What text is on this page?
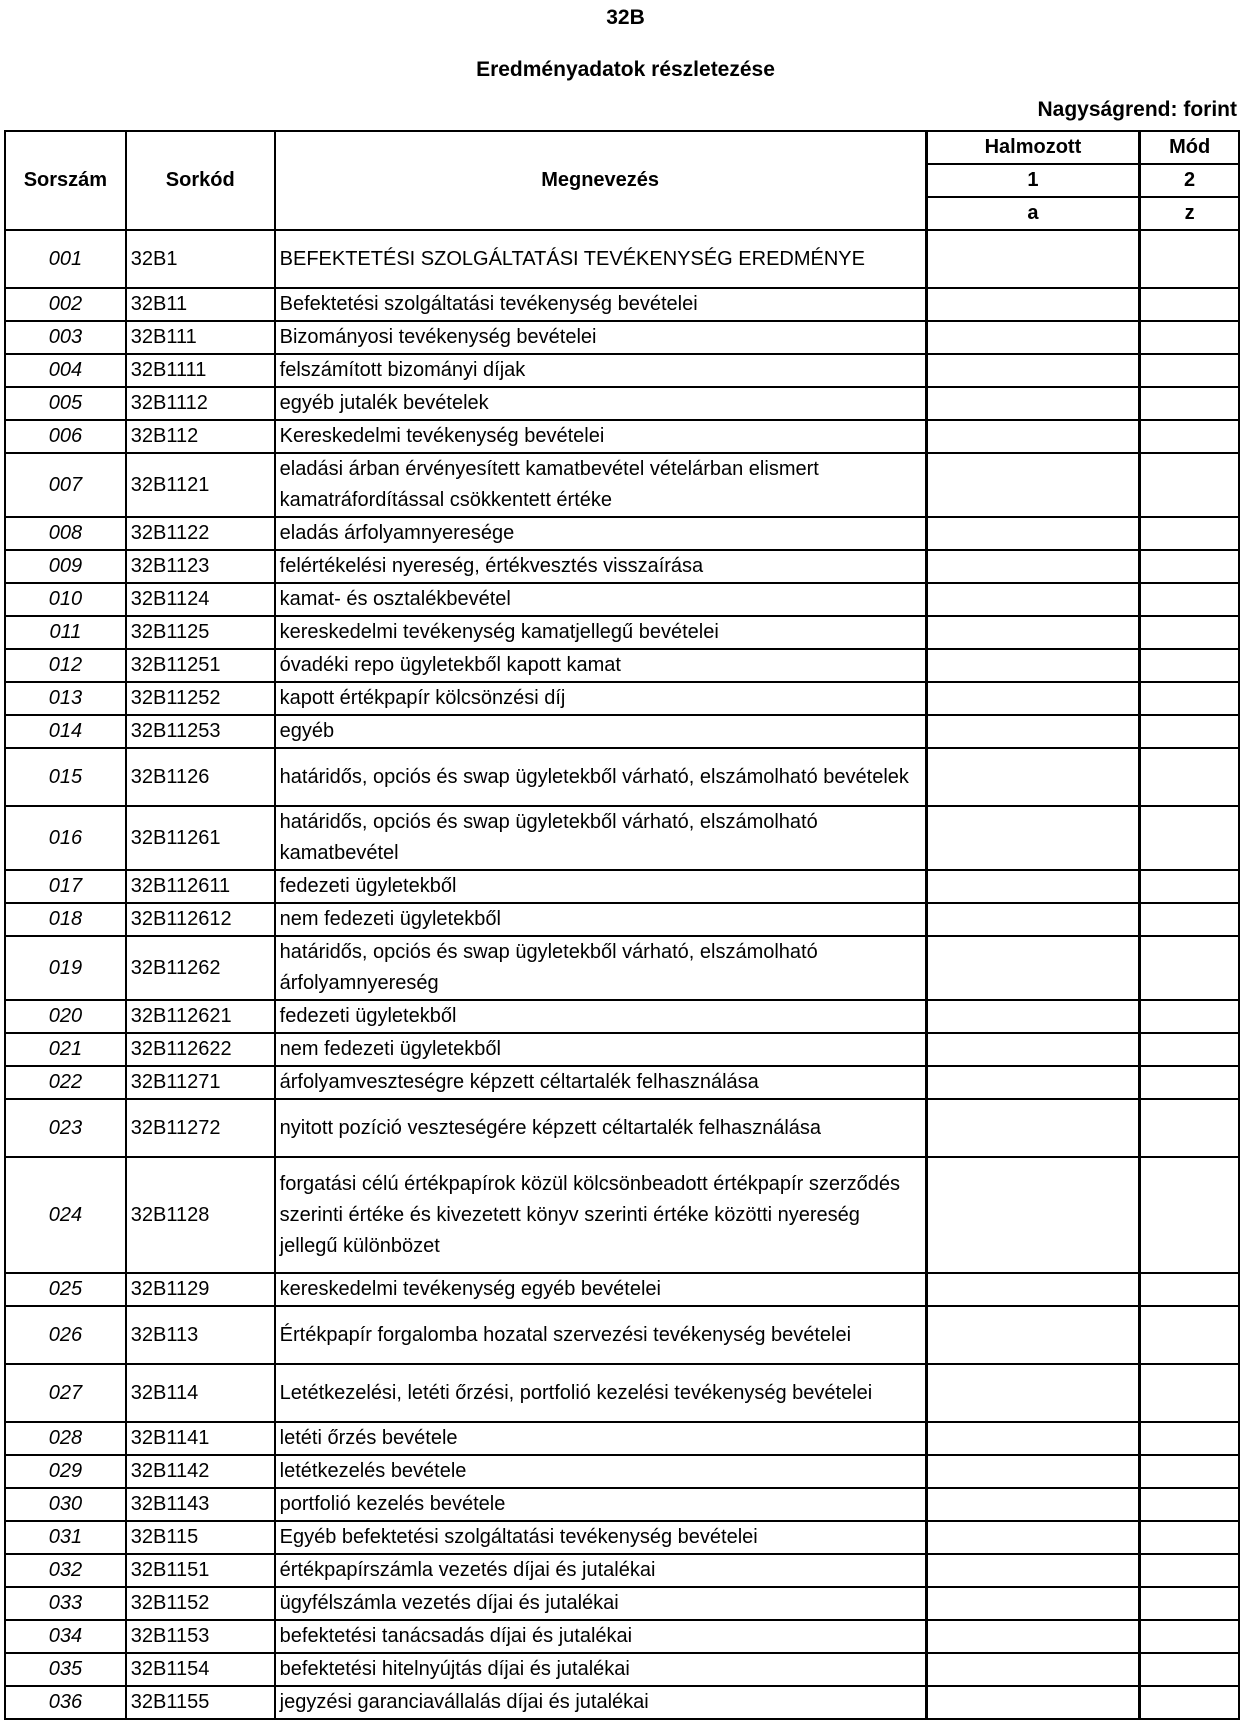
32B
Eredményadatok részletezése
Nagyságrend: forint
Sorszám	Sorkód	Megnevezés	Halmozott	Mód
			1	2
			a	z
001	32B1	BEFEKTETÉSI SZOLGÁLTATÁSI TEVÉKENYSÉG EREDMÉNYE		
002	32B11	Befektetési szolgáltatási tevékenység bevételei		
003	32B111	Bizományosi tevékenység bevételei		
004	32B1111	felszámított bizományi díjak		
005	32B1112	egyéb jutalék bevételek		
006	32B112	Kereskedelmi tevékenység bevételei		
007	32B1121	eladási árban érvényesített kamatbevétel vételárban elismert kamatráfordítással csökkentett értéke		
008	32B1122	eladás árfolyamnyeresége		
009	32B1123	felértékelési nyereség, értékvesztés visszaírása		
010	32B1124	kamat- és osztalékbevétel		
011	32B1125	kereskedelmi tevékenység kamatjellegű bevételei		
012	32B11251	óvadéki repo ügyletekből kapott kamat		
013	32B11252	kapott értékpapír kölcsönzési díj		
014	32B11253	egyéb		
015	32B1126	határidős, opciós és swap ügyletekből várható, elszámolható bevételek		
016	32B11261	határidős, opciós és swap ügyletekből várható, elszámolható kamatbevétel		
017	32B112611	fedezeti ügyletekből		
018	32B112612	nem fedezeti ügyletekből		
019	32B11262	határidős, opciós és swap ügyletekből várható, elszámolható árfolyamnyereség		
020	32B112621	fedezeti ügyletekből		
021	32B112622	nem fedezeti ügyletekből		
022	32B11271	árfolyamveszteségre képzett céltartalék felhasználása		
023	32B11272	nyitott pozíció veszteségére képzett céltartalék felhasználása		
024	32B1128	forgatási célú értékpapírok közül kölcsönbeadott értékpapír szerződés szerinti értéke és kivezetett könyv szerinti értéke közötti nyereség jellegű különbözet		
025	32B1129	kereskedelmi tevékenység egyéb bevételei		
026	32B113	Értékpapír forgalomba hozatal szervezési tevékenység bevételei		
027	32B114	Letétkezelési, letéti őrzési, portfolió kezelési tevékenység bevételei		
028	32B1141	letéti őrzés bevétele		
029	32B1142	letétkezelés bevétele		
030	32B1143	portfolió kezelés bevétele		
031	32B115	Egyéb befektetési szolgáltatási tevékenység bevételei		
032	32B1151	értékpapírszámla vezetés díjai és jutalékai		
033	32B1152	ügyfélszámla vezetés díjai és jutalékai		
034	32B1153	befektetési tanácsadás díjai és jutalékai		
035	32B1154	befektetési hitelnyújtás díjai és jutalékai		
036	32B1155	jegyzési garanciavállalás díjai és jutalékai		
